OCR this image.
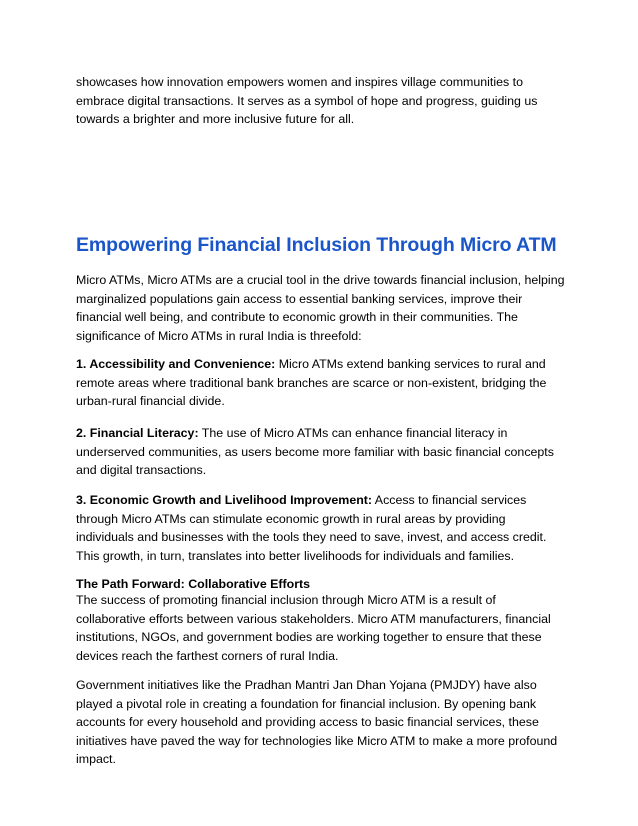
showcases how innovation empowers women and inspires village communities to embrace digital transactions. It serves as a symbol of hope and progress, guiding us towards a brighter and more inclusive future for all.

Empowering Financial Inclusion Through Micro ATM

Micro ATMs, Micro ATMs are a crucial tool in the drive towards financial inclusion, helping marginalized populations gain access to essential banking services, improve their financial well being, and contribute to economic growth in their communities. The significance of Micro ATMs in rural India is threefold:

1. Accessibility and Convenience: Micro ATMs extend banking services to rural and remote areas where traditional bank branches are scarce or non-existent, bridging the urban-rural financial divide.

2. Financial Literacy: The use of Micro ATMs can enhance financial literacy in underserved communities, as users become more familiar with basic financial concepts and digital transactions.

3. Economic Growth and Livelihood Improvement: Access to financial services through Micro ATMs can stimulate economic growth in rural areas by providing individuals and businesses with the tools they need to save, invest, and access credit. This growth, in turn, translates into better livelihoods for individuals and families.

The Path Forward: Collaborative Efforts

The success of promoting financial inclusion through Micro ATM is a result of collaborative efforts between various stakeholders. Micro ATM manufacturers, financial institutions, NGOs, and government bodies are working together to ensure that these devices reach the farthest corners of rural India.

Government initiatives like the Pradhan Mantri Jan Dhan Yojana (PMJDY) have also played a pivotal role in creating a foundation for financial inclusion. By opening bank accounts for every household and providing access to basic financial services, these initiatives have paved the way for technologies like Micro ATM to make a more profound impact.
